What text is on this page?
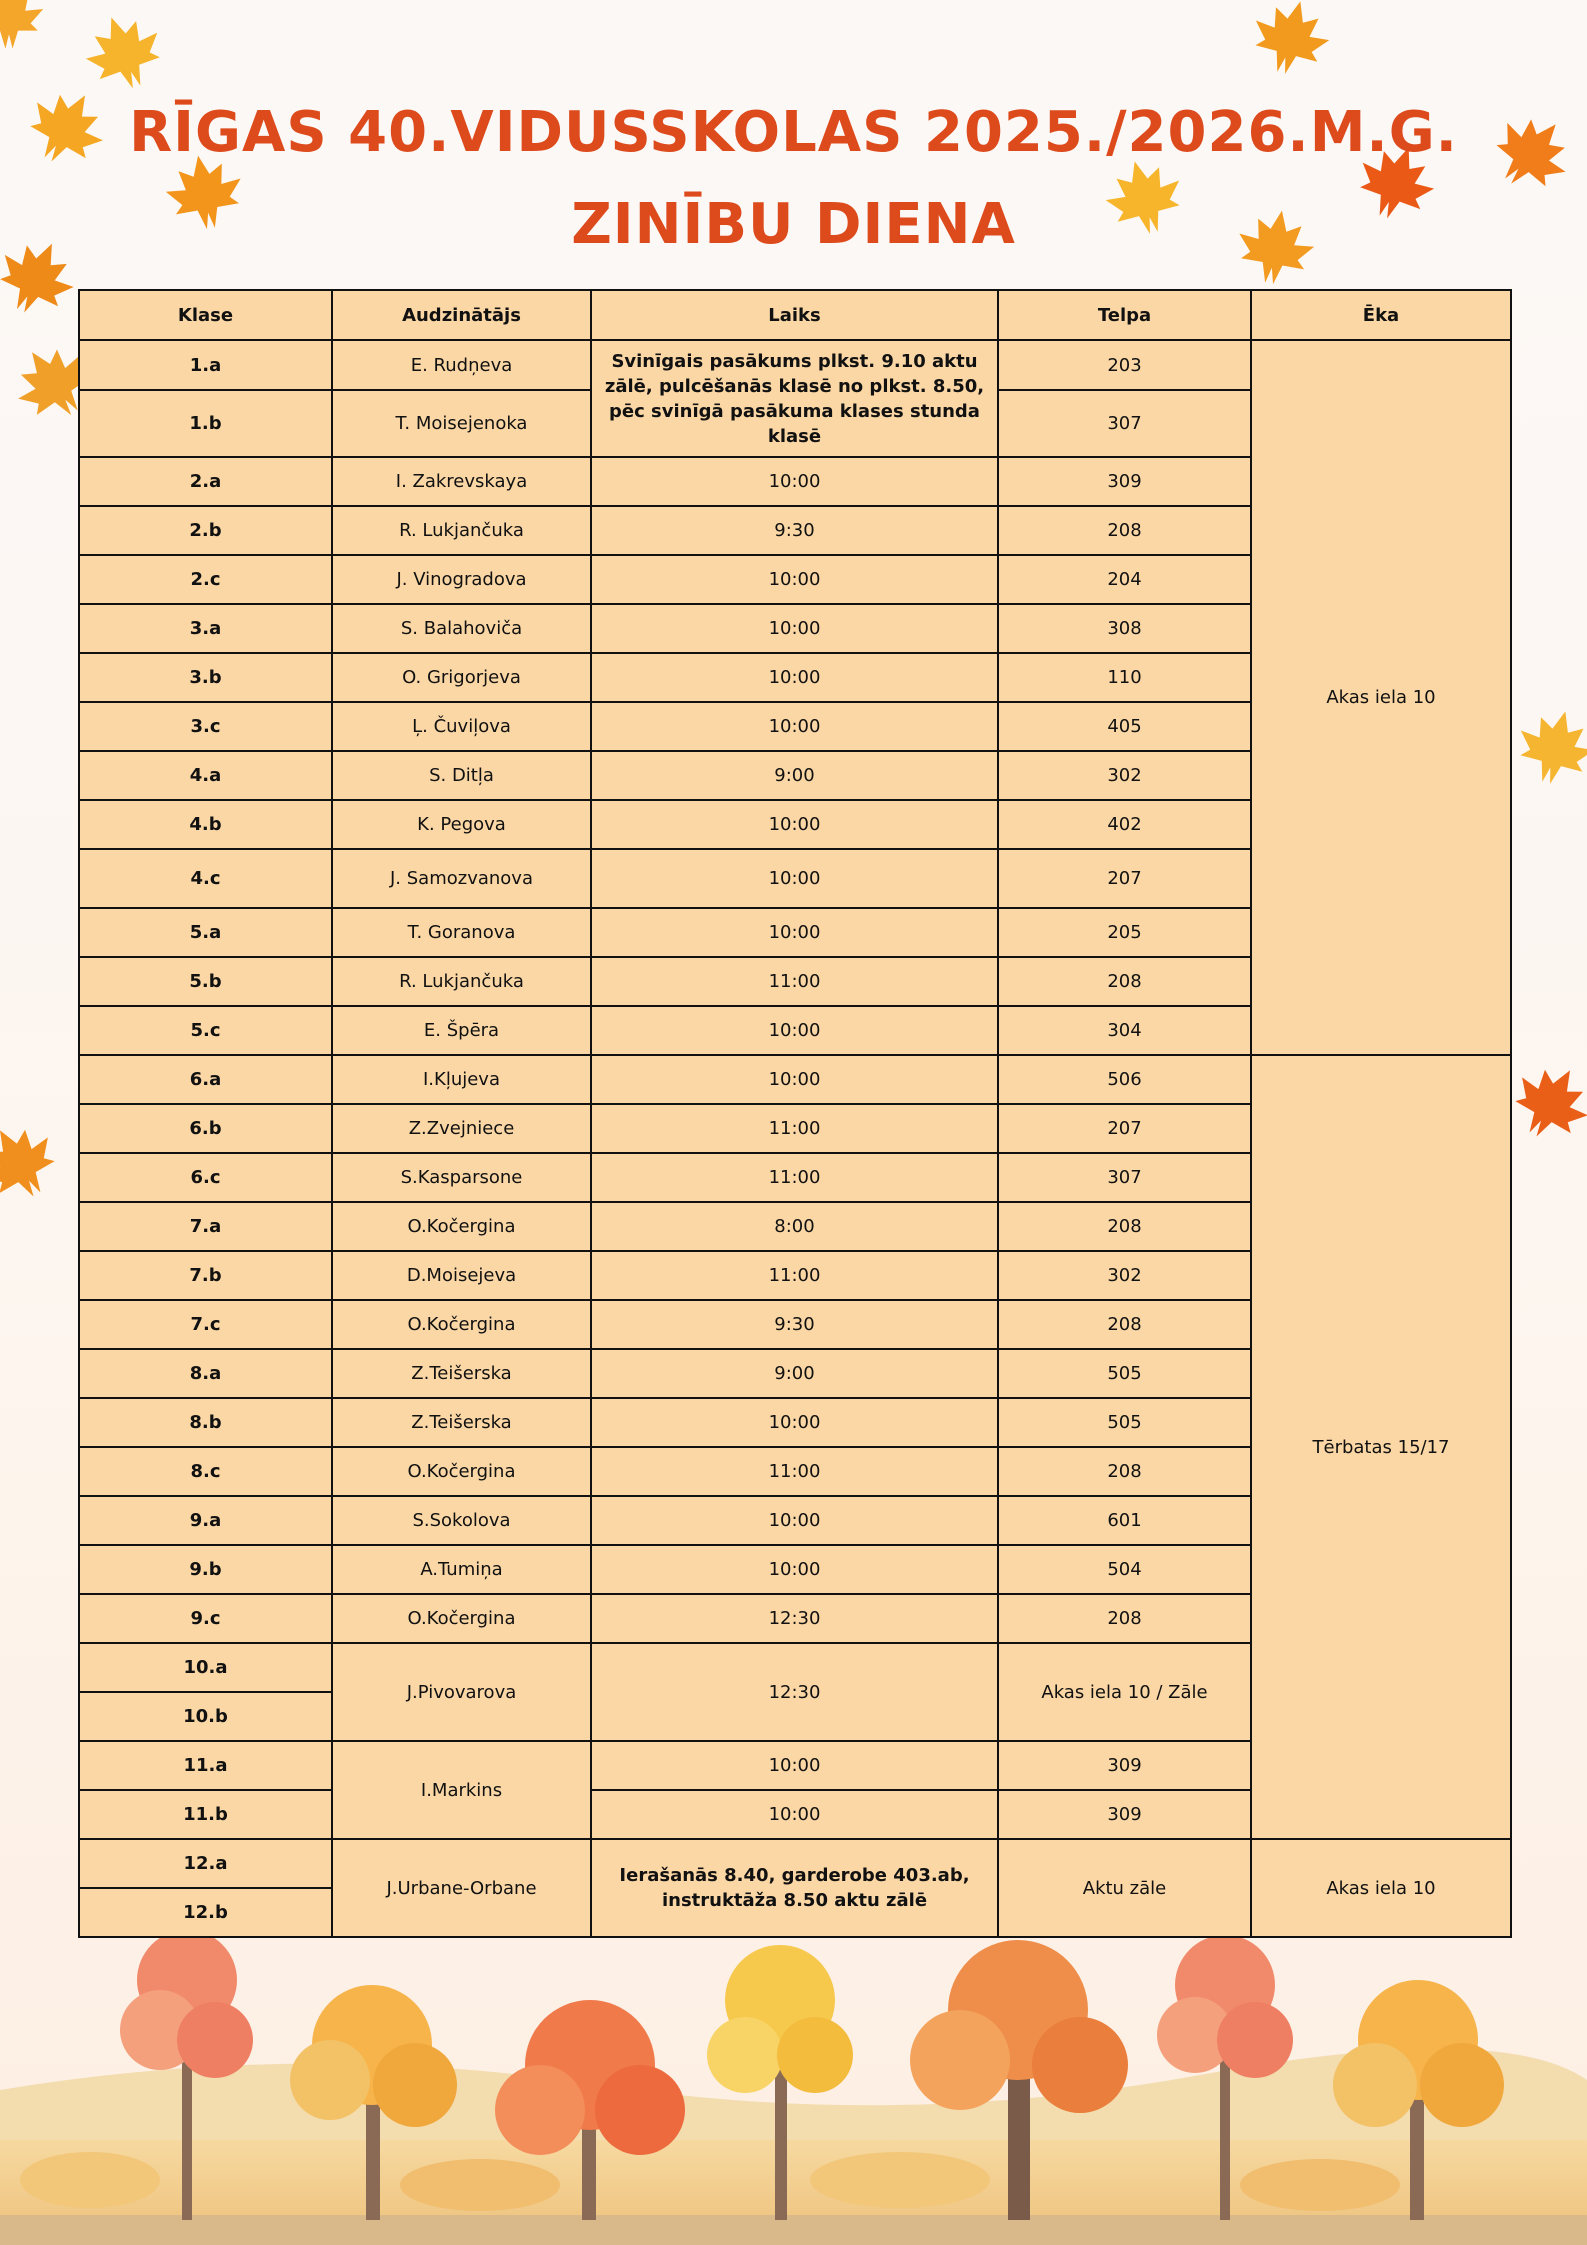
RĪGAS 40.VIDUSSKOLAS 2025./2026.M.G.
ZINĪBU DIENA
Klase	Audzinātājs	Laiks	Telpa	Ēka
1.a	E. Rudņeva	Svinīgais pasākums plkst. 9.10 aktu zālē, pulcēšanās klasē no plkst. 8.50, pēc svinīgā pasākuma klases stunda klasē	203	Akas iela 10
1.b	T. Moisejenoka		307	
2.a	I. Zakrevskaya	10:00	309	
2.b	R. Lukjančuka	9:30	208	
2.c	J. Vinogradova	10:00	204	
3.a	S. Balahoviča	10:00	308	
3.b	O. Grigorjeva	10:00	110	
3.c	Ļ. Čuviļova	10:00	405	
4.a	S. Ditļa	9:00	302	
4.b	K. Pegova	10:00	402	
4.c	J. Samozvanova	10:00	207	
5.a	T. Goranova	10:00	205	
5.b	R. Lukjančuka	11:00	208	
5.c	E. Špēra	10:00	304	
6.a	I.Kļujeva	10:00	506	Tērbatas 15/17
6.b	Z.Zvejniece	11:00	207	
6.c	S.Kasparsone	11:00	307	
7.a	O.Kočergina	8:00	208	
7.b	D.Moisejeva	11:00	302	
7.c	O.Kočergina	9:30	208	
8.a	Z.Teišerska	9:00	505	
8.b	Z.Teišerska	10:00	505	
8.c	O.Kočergina	11:00	208	
9.a	S.Sokolova	10:00	601	
9.b	A.Tumiņa	10:00	504	
9.c	O.Kočergina	12:30	208	
10.a	J.Pivovarova	12:30	Akas iela 10 / Zāle	
10.b				
11.a	I.Markins	10:00	309	
11.b		10:00	309	
12.a	J.Urbane-Orbane	Ierašanās 8.40, garderobe 403.ab, instruktāža 8.50 aktu zālē	Aktu zāle	Akas iela 10
12.b				
